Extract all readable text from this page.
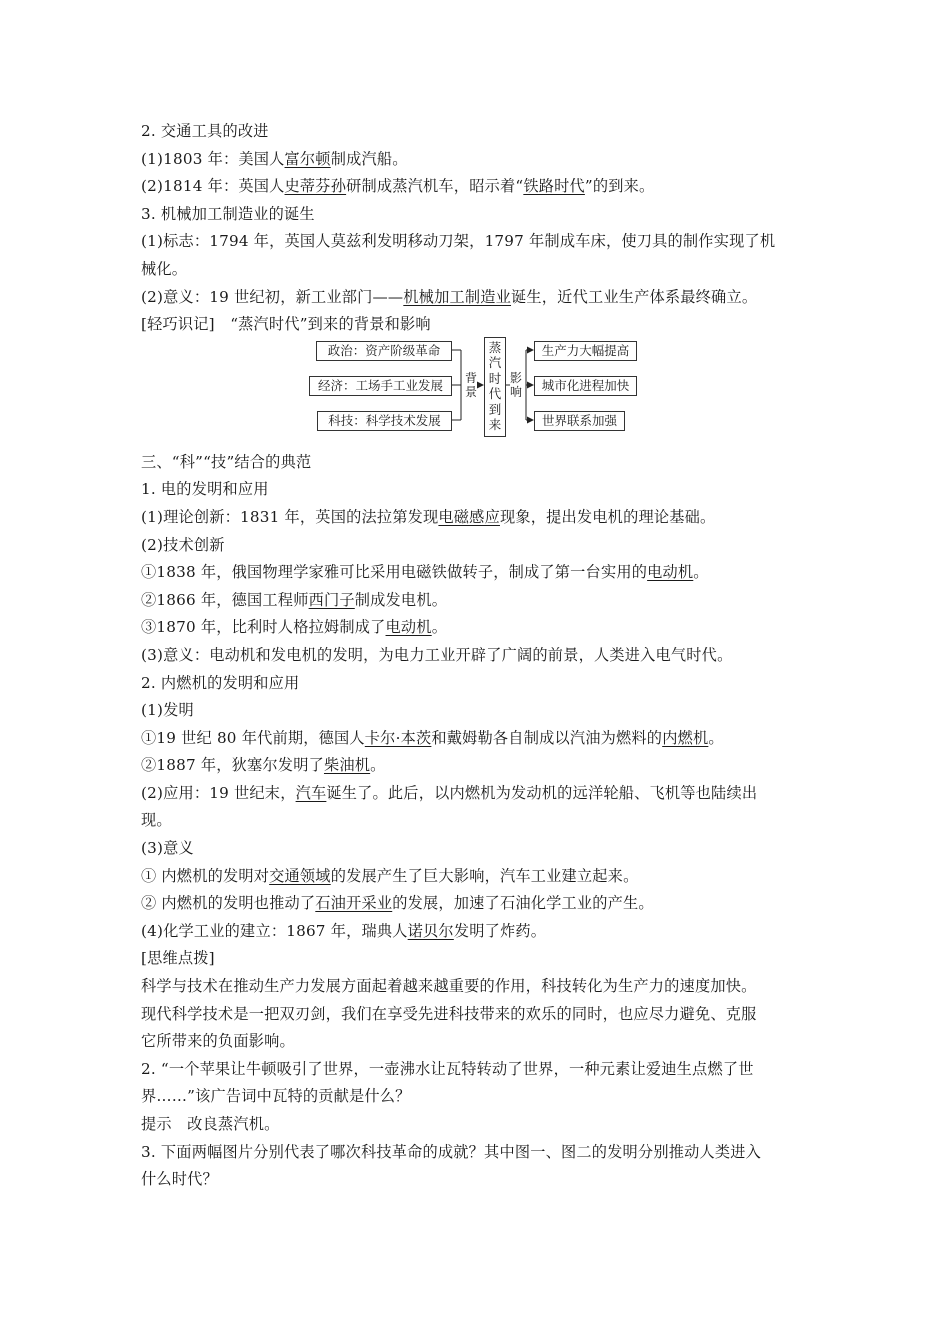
2. 交通工具的改进
(1)1803 年：美国人富尔顿制成汽船。
(2)1814 年：英国人史蒂芬孙研制成蒸汽机车，昭示着“铁路时代”的到来。
3. 机械加工制造业的诞生
(1)标志：1794 年，英国人莫兹利发明移动刀架，1797 年制成车床，使刀具的制作实现了机
械化。
(2)意义：19 世纪初，新工业部门——机械加工制造业诞生，近代工业生产体系最终确立。
[轻巧识记]　“蒸汽时代”到来的背景和影响
政治：资产阶级革命
经济：工场手工业发展
科技：科学技术发展
背
景
蒸
汽
时
代
到
来
影
响
生产力大幅提高
城市化进程加快
世界联系加强
三、“科”“技”结合的典范
1. 电的发明和应用
(1)理论创新：1831 年，英国的法拉第发现电磁感应现象，提出发电机的理论基础。
(2)技术创新
①1838 年，俄国物理学家雅可比采用电磁铁做转子，制成了第一台实用的电动机。
②1866 年，德国工程师西门子制成发电机。
③1870 年，比利时人格拉姆制成了电动机。
(3)意义：电动机和发电机的发明，为电力工业开辟了广阔的前景，人类进入电气时代。
2. 内燃机的发明和应用
(1)发明
①19 世纪 80 年代前期，德国人卡尔·本茨和戴姆勒各自制成以汽油为燃料的内燃机。
②1887 年，狄塞尔发明了柴油机。
(2)应用：19 世纪末，汽车诞生了。此后，以内燃机为发动机的远洋轮船、飞机等也陆续出
现。
(3)意义
① 内燃机的发明对交通领域的发展产生了巨大影响，汽车工业建立起来。
② 内燃机的发明也推动了石油开采业的发展，加速了石油化学工业的产生。
(4)化学工业的建立：1867 年，瑞典人诺贝尔发明了炸药。
[思维点拨]
科学与技术在推动生产力发展方面起着越来越重要的作用，科技转化为生产力的速度加快。
现代科学技术是一把双刃剑，我们在享受先进科技带来的欢乐的同时，也应尽力避免、克服
它所带来的负面影响。
2. “一个苹果让牛顿吸引了世界，一壶沸水让瓦特转动了世界，一种元素让爱迪生点燃了世
界……”该广告词中瓦特的贡献是什么？
提示　改良蒸汽机。
3. 下面两幅图片分别代表了哪次科技革命的成就？其中图一、图二的发明分别推动人类进入
什么时代？
